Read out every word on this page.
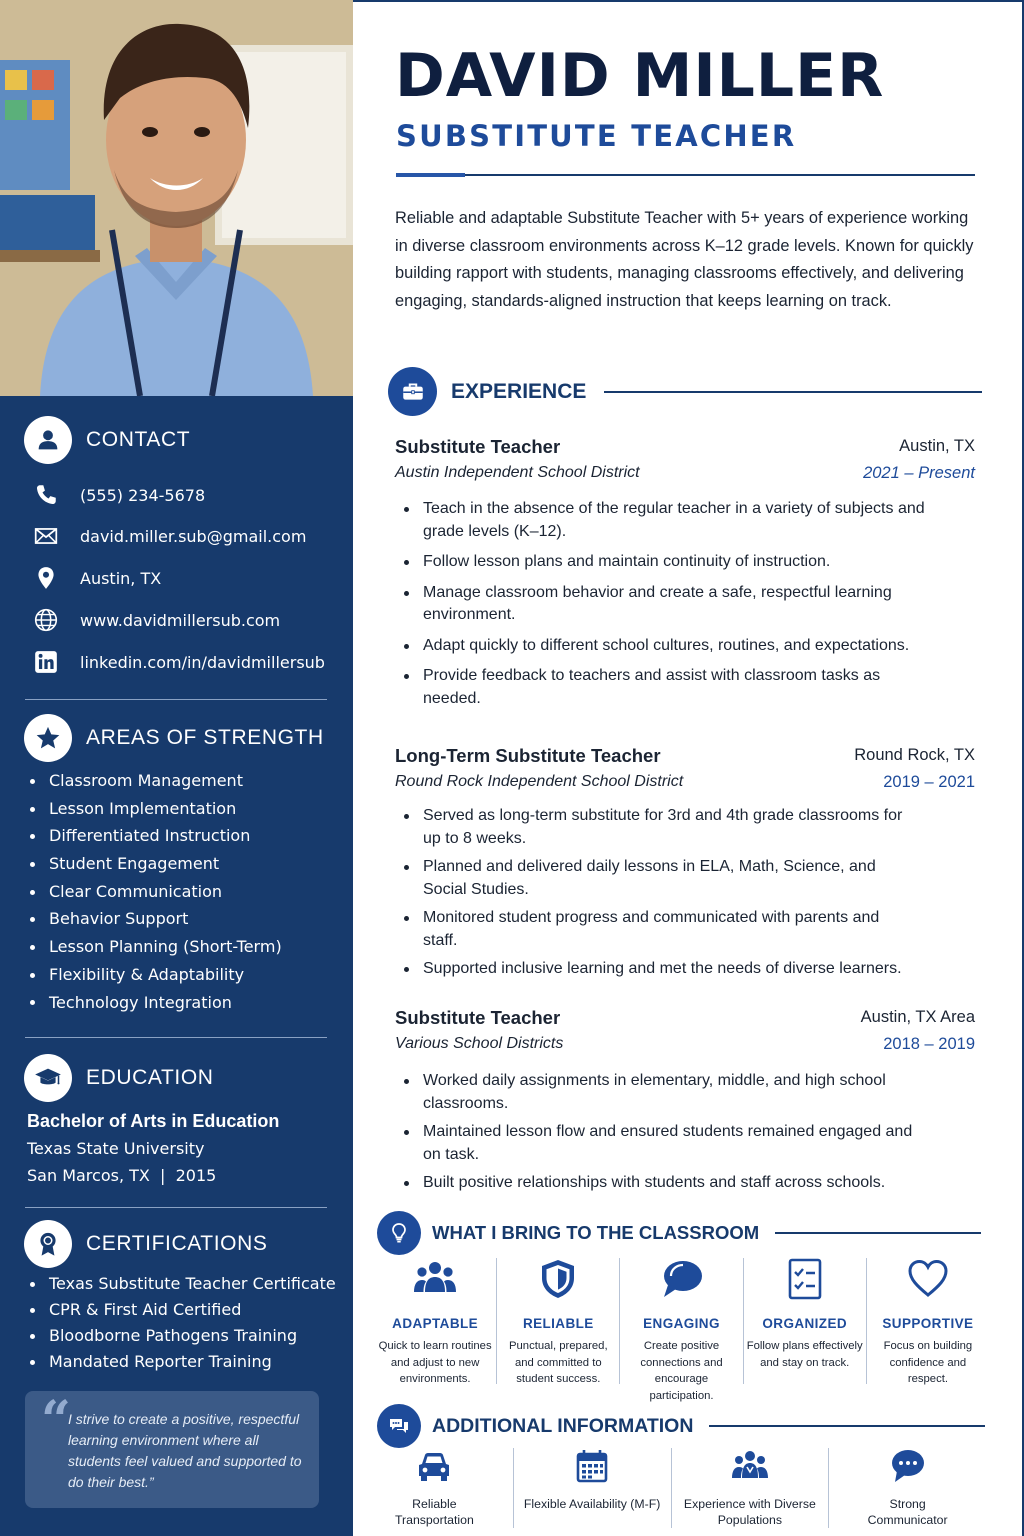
CONTACT
(555) 234-5678
david.miller.sub@gmail.com
Austin, TX
www.davidmillersub.com
linkedin.com/in/davidmillersub
AREAS OF STRENGTH
Classroom Management
Lesson Implementation
Differentiated Instruction
Student Engagement
Clear Communication
Behavior Support
Lesson Planning (Short-Term)
Flexibility & Adaptability
Technology Integration
EDUCATION
Bachelor of Arts in Education
Texas State University
San Marcos, TX  |  2015
CERTIFICATIONS
Texas Substitute Teacher Certificate
CPR & First Aid Certified
Bloodborne Pathogens Training
Mandated Reporter Training
“
I strive to create a positive, respectful learning environment where all students feel valued and supported to do their best.”
DAVID MILLER
SUBSTITUTE TEACHER
Reliable and adaptable Substitute Teacher with 5+ years of experience working in diverse classroom environments across K–12 grade levels. Known for quickly building rapport with students, managing classrooms effectively, and delivering engaging, standards-aligned instruction that keeps learning on track.
EXPERIENCE
Substitute Teacher	Austin, TX
Austin Independent School District	2021 – Present
Teach in the absence of the regular teacher in a variety of subjects and grade levels (K–12).
Follow lesson plans and maintain continuity of instruction.
Manage classroom behavior and create a safe, respectful learning environment.
Adapt quickly to different school cultures, routines, and expectations.
Provide feedback to teachers and assist with classroom tasks as needed.
Long-Term Substitute Teacher	Round Rock, TX
Round Rock Independent School District	2019 – 2021
Served as long-term substitute for 3rd and 4th grade classrooms for up to 8 weeks.
Planned and delivered daily lessons in ELA, Math, Science, and Social Studies.
Monitored student progress and communicated with parents and staff.
Supported inclusive learning and met the needs of diverse learners.
Substitute Teacher	Austin, TX Area
Various School Districts	2018 – 2019
Worked daily assignments in elementary, middle, and high school classrooms.
Maintained lesson flow and ensured students remained engaged and on task.
Built positive relationships with students and staff across schools.
WHAT I BRING TO THE CLASSROOM
ADAPTABLE
Quick to learn routines and adjust to new environments.
RELIABLE
Punctual, prepared, and committed to student success.
ENGAGING
Create positive connections and encourage participation.
ORGANIZED
Follow plans effectively and stay on track.
SUPPORTIVE
Focus on building confidence and respect.
ADDITIONAL INFORMATION
Reliable Transportation
Flexible Availability (M-F)	Experience with Diverse Populations
Strong Communicator
